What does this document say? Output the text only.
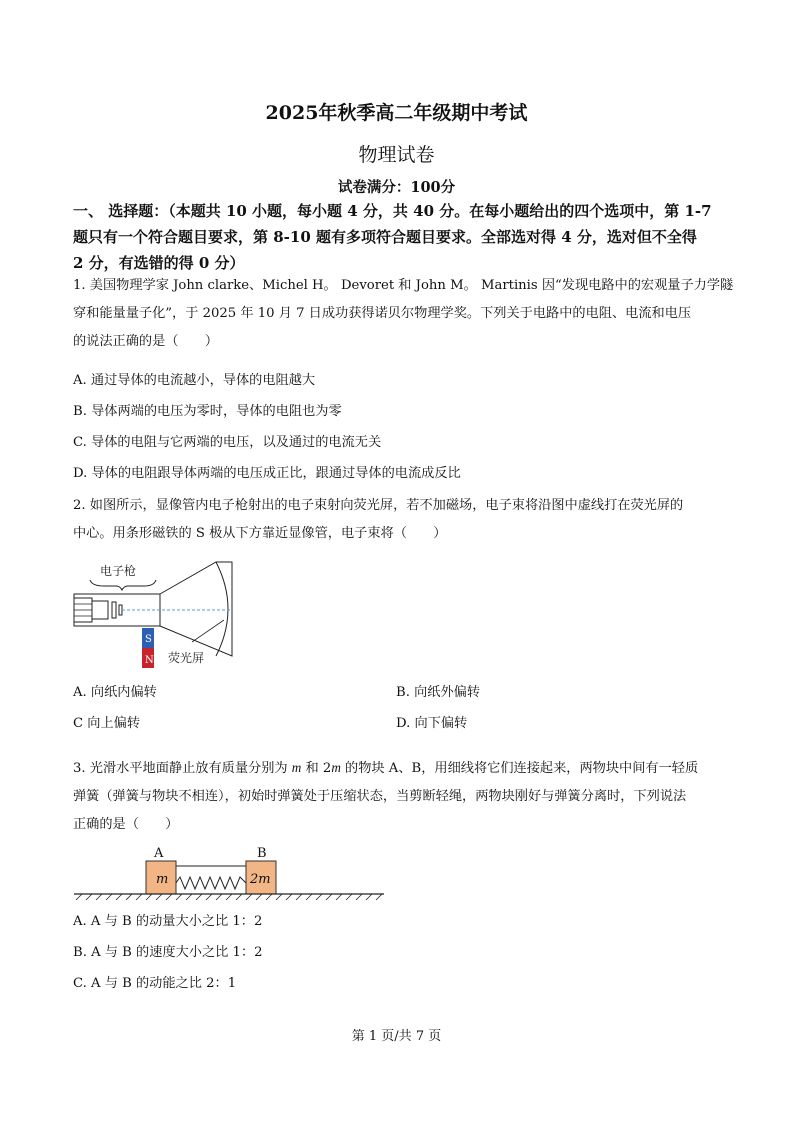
2025年秋季高二年级期中考试
物理试卷
试卷满分：100分
一、 选择题：（本题共 10 小题，每小题 4 分，共 40 分。在每小题给出的四个选项中，第 1-7
题只有一个符合题目要求，第 8-10 题有多项符合题目要求。全部选对得 4 分，选对但不全得
2 分，有选错的得 0 分）
1. 美国物理学家 John clarke、Michel H。 Devoret 和 John M。 Martinis 因“发现电路中的宏观量子力学隧
穿和能量量子化”，于 2025 年 10 月 7 日成功获得诺贝尔物理学奖。下列关于电路中的电阻、电流和电压
的说法正确的是（　　）
A. 通过导体的电流越小，导体的电阻越大
B. 导体两端的电压为零时，导体的电阻也为零
C. 导体的电阻与它两端的电压，以及通过的电流无关
D. 导体的电阻跟导体两端的电压成正比，跟通过导体的电流成反比
2. 如图所示，显像管内电子枪射出的电子束射向荧光屏，若不加磁场，电子束将沿图中虚线打在荧光屏的
中心。用条形磁铁的 S 极从下方靠近显像管，电子束将（　　）
电子枪
荧光屏
S
N
A. 向纸内偏转	B. 向纸外偏转
C 向上偏转	D. 向下偏转
3. 光滑水平地面静止放有质量分别为 m 和 2m 的物块 A、B，用细线将它们连接起来，两物块中间有一轻质
弹簧（弹簧与物块不相连），初始时弹簧处于压缩状态，当剪断轻绳，两物块刚好与弹簧分离时，下列说法
正确的是（　　）
A	B
m	2m
A. A 与 B 的动量大小之比 1：2
B. A 与 B 的速度大小之比 1：2
C. A 与 B 的动能之比 2：1
第 1 页/共 7 页
